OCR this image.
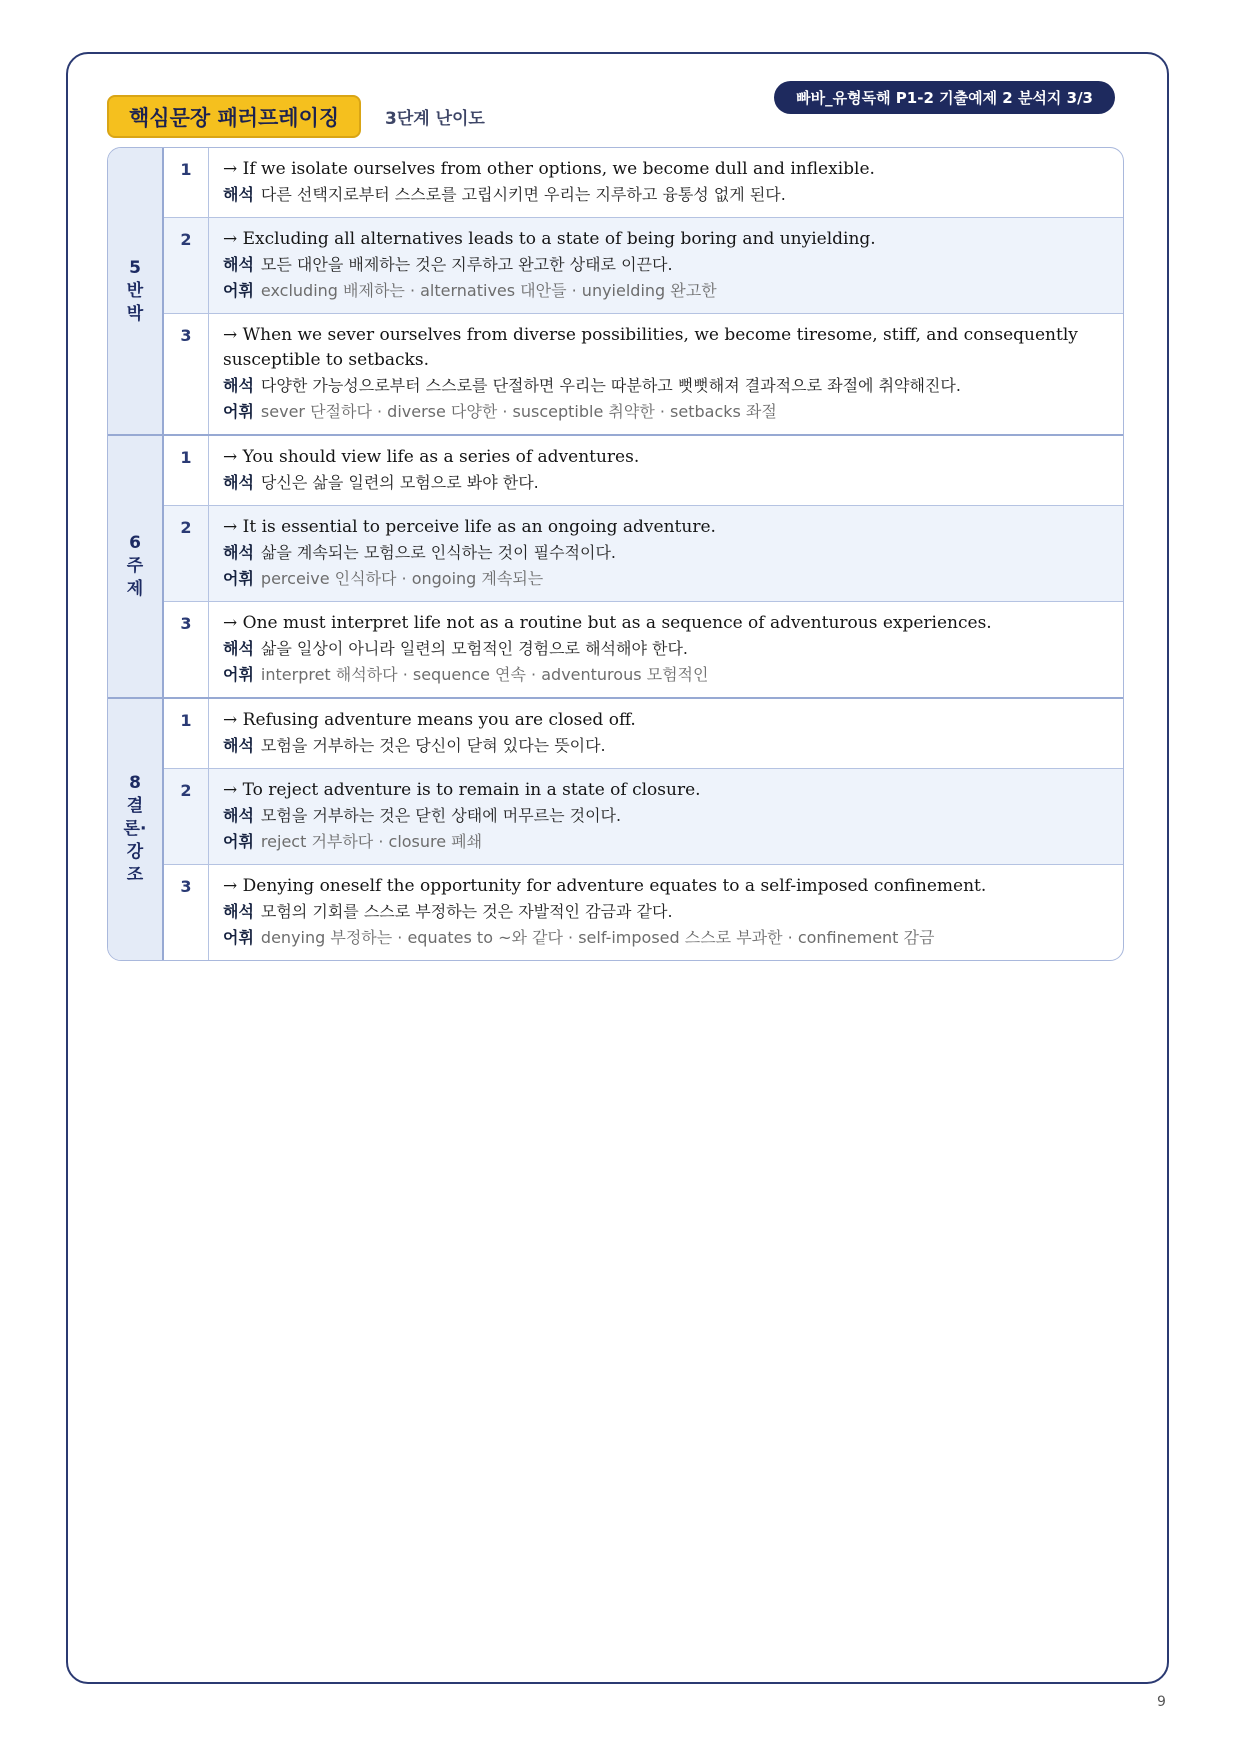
핵심문장 패러프레이징	3단계 난이도
빠바_유형독해 P1-2 기출예제 2 분석지 3/3
5
반
박
1	→ If we isolate ourselves from other options, we become dull and inflexible.
해석 다른 선택지로부터 스스로를 고립시키면 우리는 지루하고 융통성 없게 된다.
2	→ Excluding all alternatives leads to a state of being boring and unyielding.
해석 모든 대안을 배제하는 것은 지루하고 완고한 상태로 이끈다.
어휘 excluding 배제하는 · alternatives 대안들 · unyielding 완고한
3	→ When we sever ourselves from diverse possibilities, we become tiresome, stiff, and consequently susceptible to setbacks.
해석 다양한 가능성으로부터 스스로를 단절하면 우리는 따분하고 뻣뻣해져 결과적으로 좌절에 취약해진다.
어휘 sever 단절하다 · diverse 다양한 · susceptible 취약한 · setbacks 좌절
6
주
제
1	→ You should view life as a series of adventures.
해석 당신은 삶을 일련의 모험으로 봐야 한다.
2	→ It is essential to perceive life as an ongoing adventure.
해석 삶을 계속되는 모험으로 인식하는 것이 필수적이다.
어휘 perceive 인식하다 · ongoing 계속되는
3	→ One must interpret life not as a routine but as a sequence of adventurous experiences.
해석 삶을 일상이 아니라 일련의 모험적인 경험으로 해석해야 한다.
어휘 interpret 해석하다 · sequence 연속 · adventurous 모험적인
8
결
론·
강
조
1	→ Refusing adventure means you are closed off.
해석 모험을 거부하는 것은 당신이 닫혀 있다는 뜻이다.
2	→ To reject adventure is to remain in a state of closure.
해석 모험을 거부하는 것은 닫힌 상태에 머무르는 것이다.
어휘 reject 거부하다 · closure 폐쇄
3	→ Denying oneself the opportunity for adventure equates to a self-imposed confinement.
해석 모험의 기회를 스스로 부정하는 것은 자발적인 감금과 같다.
어휘 denying 부정하는 · equates to ~와 같다 · self-imposed 스스로 부과한 · confinement 감금
9
